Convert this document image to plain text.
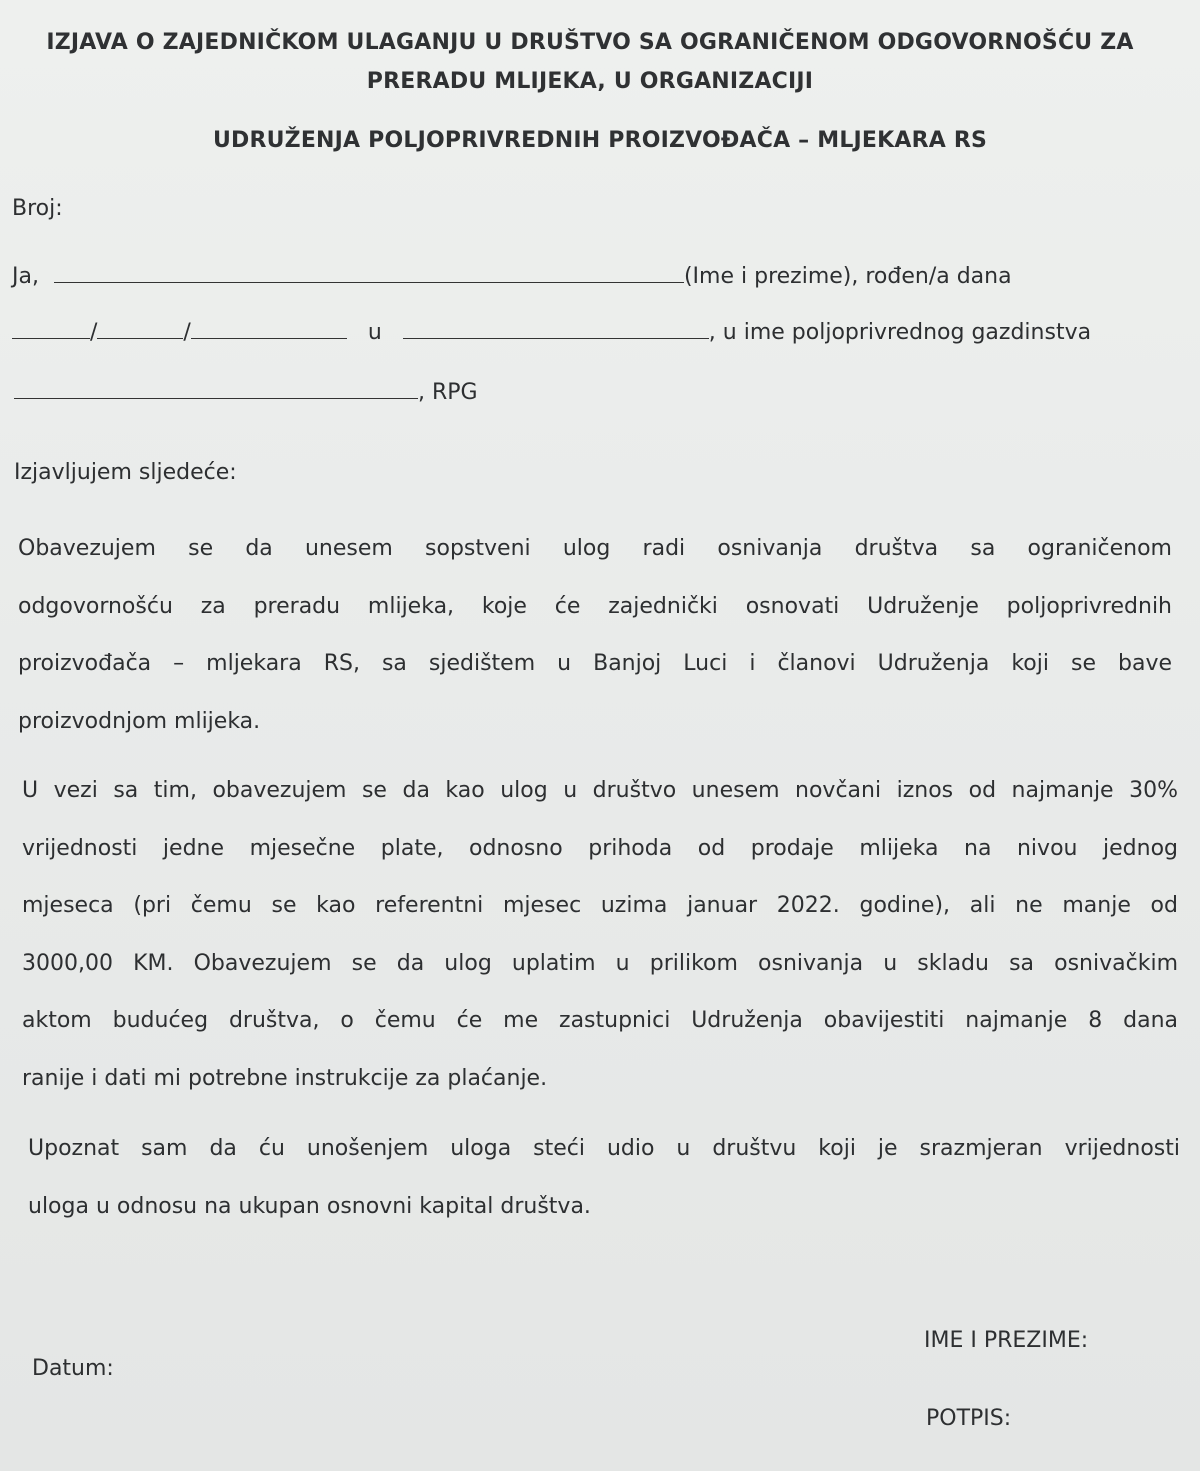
IZJAVA O ZAJEDNIČKOM ULAGANJU U DRUŠTVO SA OGRANIČENOM ODGOVORNOŠĆU ZA
PRERADU MLIJEKA, U ORGANIZACIJI
UDRUŽENJA POLJOPRIVREDNIH PROIZVOĐAČA – MLJEKARA RS
Broj:
Ja,	(Ime i prezime), rođen/a dana
/	/	u	, u ime poljoprivrednog gazdinstva
, RPG
Izjavljujem sljedeće:
Obavezujem se da unesem sopstveni ulog radi osnivanja društva sa ograničenom
odgovornošću za preradu mlijeka, koje će zajednički osnovati Udruženje poljoprivrednih
proizvođača – mljekara RS, sa sjedištem u Banjoj Luci i članovi Udruženja koji se bave
proizvodnjom mlijeka.
U vezi sa tim, obavezujem se da kao ulog u društvo unesem novčani iznos od najmanje 30%
vrijednosti jedne mjesečne plate, odnosno prihoda od prodaje mlijeka na nivou jednog
mjeseca (pri čemu se kao referentni mjesec uzima januar 2022. godine), ali ne manje od
3000,00 KM. Obavezujem se da ulog uplatim u prilikom osnivanja u skladu sa osnivačkim
aktom budućeg društva, o čemu će me zastupnici Udruženja obavijestiti najmanje 8 dana
ranije i dati mi potrebne instrukcije za plaćanje.
Upoznat sam da ću unošenjem uloga steći udio u društvu koji je srazmjeran vrijednosti
uloga u odnosu na ukupan osnovni kapital društva.
Datum:
IME I PREZIME:
POTPIS:
